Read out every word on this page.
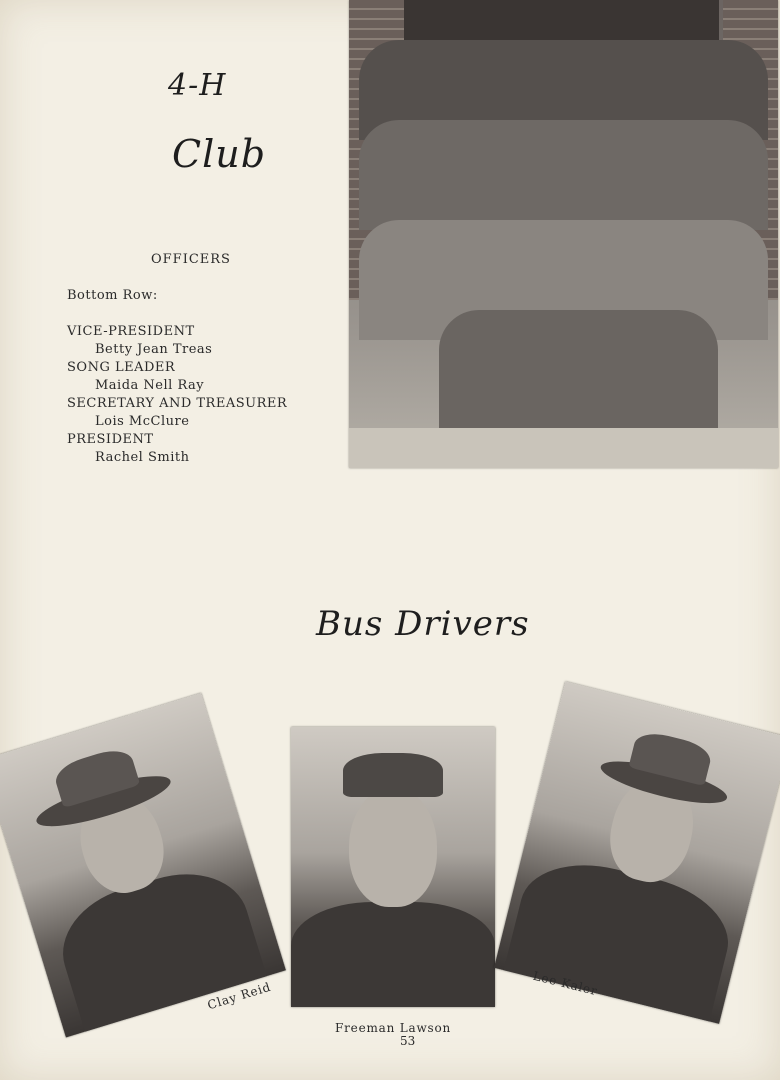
4-H
Club
OFFICERS
Bottom Row:
VICE-PRESIDENT
Betty Jean Treas
SONG LEADER
Maida Nell Ray
SECRETARY AND TREASURER
Lois McClure
PRESIDENT
Rachel Smith
Bus Drivers
Clay Reid
Freeman Lawson
Lee Kaler
53
